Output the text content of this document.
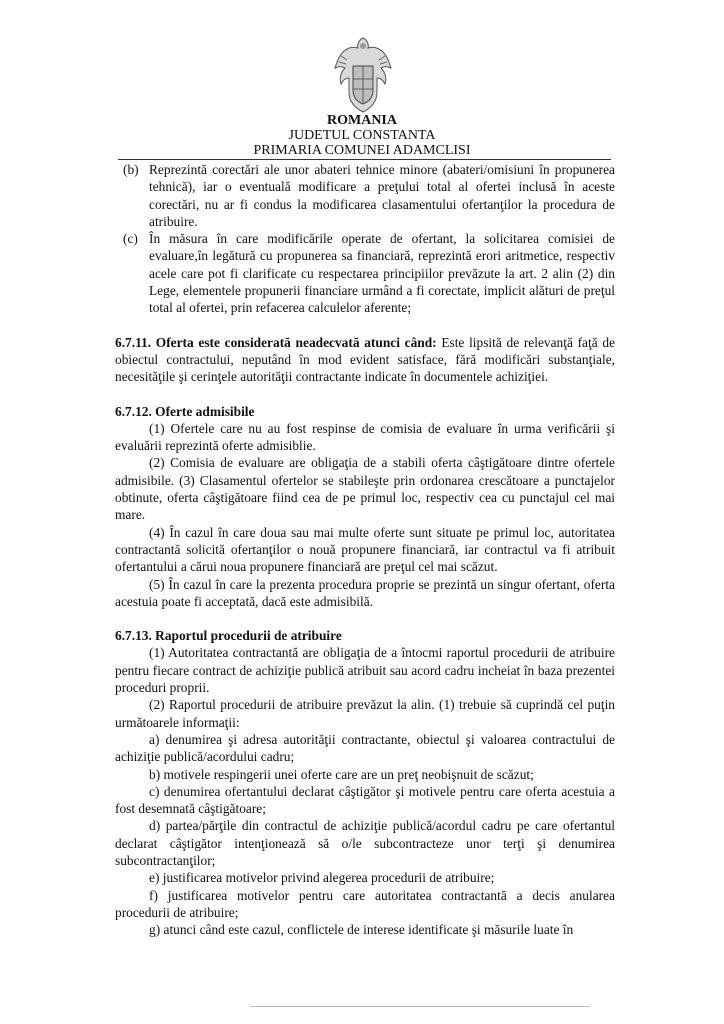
ROMANIA
JUDETUL CONSTANTA
PRIMARIA COMUNEI ADAMCLISI
(b) Reprezintă corectări ale unor abateri tehnice minore (abateri/omisiuni în propunerea tehnică), iar o eventuală modificare a preţului total al ofertei inclusă în aceste corectări, nu ar fi condus la modificarea clasamentului ofertanţilor la procedura de atribuire.
(c) În măsura în care modificările operate de ofertant, la solicitarea comisiei de evaluare,în legătură cu propunerea sa financiară, reprezintă erori aritmetice, respectiv acele care pot fi clarificate cu respectarea principiilor prevăzute la art. 2 alin (2) din Lege, elementele propunerii financiare urmând a fi corectate, implicit alături de preţul total al ofertei, prin refacerea calculelor aferente;

6.7.11. Oferta este considerată neadecvată atunci când: Este lipsită de relevanţă faţă de obiectul contractului, neputând în mod evident satisface, fără modificări substanţiale, necesităţile şi cerinţele autorităţii contractante indicate în documentele achiziţiei.

6.7.12. Oferte admisibile

(1) Ofertele care nu au fost respinse de comisia de evaluare în urma verificării şi evaluării reprezintă oferte admisiblie.

(2) Comisia de evaluare are obligaţia de a stabili oferta câştigătoare dintre ofertele admisibile. (3) Clasamentul ofertelor se stabileşte prin ordonarea crescătoare a punctajelor obtinute, oferta câştigătoare fiind cea de pe primul loc, respectiv cea cu punctajul cel mai mare.

(4) În cazul în care doua sau mai multe oferte sunt situate pe primul loc, autoritatea contractantă solicită ofertanţilor o nouă propunere financiară, iar contractul va fi atribuit ofertantului a cărui noua propunere financiară are preţul cel mai scăzut.

(5) În cazul în care la prezenta procedura proprie se prezintă un singur ofertant, oferta acestuia poate fi acceptată, dacă este admisibilă.

6.7.13. Raportul procedurii de atribuire

(1) Autoritatea contractantă are obligaţia de a întocmi raportul procedurii de atribuire pentru fiecare contract de achiziţie publică atribuit sau acord cadru incheiat în baza prezentei proceduri proprii.

(2) Raportul procedurii de atribuire prevăzut la alin. (1) trebuie să cuprindă cel puţin următoarele informaţii:

a) denumirea şi adresa autorităţii contractante, obiectul şi valoarea contractului de achiziţie publică/acordului cadru;

b) motivele respingerii unei oferte care are un preţ neobişnuit de scăzut;

c) denumirea ofertantului declarat câştigător şi motivele pentru care oferta acestuia a fost desemnată câştigătoare;

d) partea/părţile din contractul de achiziţie publică/acordul cadru pe care ofertantul declarat câştigător intenţionează să o/le subcontracteze unor terţi şi denumirea subcontractanţilor;

e) justificarea motivelor privind alegerea procedurii de atribuire;

f) justificarea motivelor pentru care autoritatea contractantă a decis anularea procedurii de atribuire;

g) atunci când este cazul, conflictele de interese identificate şi măsurile luate în
